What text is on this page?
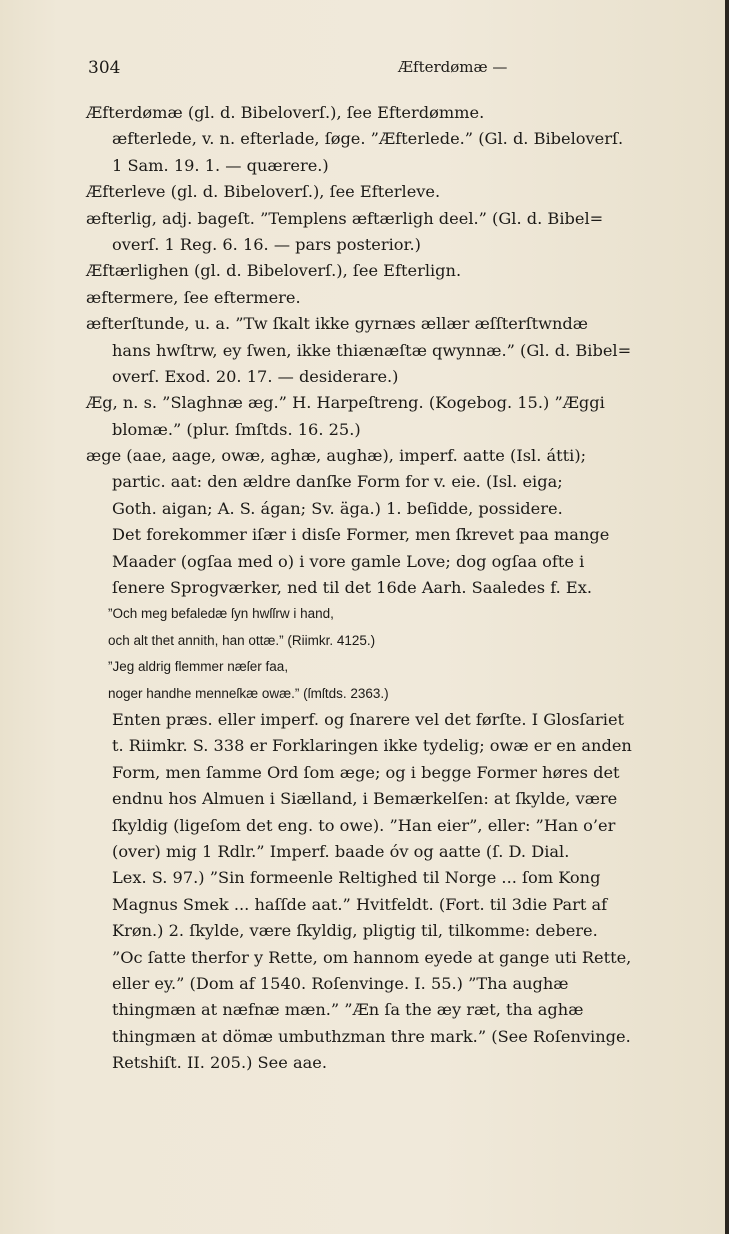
304	Æfterdømæ —
Æfterdømæ (gl. d. Bibeloverſ.), ſee Efterdømme.
æfterlede, v. n. efterlade, ſøge. ”Æfterlede.” (Gl. d. Bibeloverſ.
1 Sam. 19. 1. — quærere.)
Æfterleve (gl. d. Bibeloverſ.), ſee Efterleve.
æfterlig, adj. bageſt. ”Templens æftærligh deel.” (Gl. d. Bibel=
overſ. 1 Reg. 6. 16. — pars posterior.)
Æftærlighen (gl. d. Bibeloverſ.), ſee Efterlign.
æftermere, ſee eftermere.
æfterſtunde, u. a. ”Tw ſkalt ikke gyrnæs ællær æſſterſtwndæ
hans hwſtrw, ey ſwen, ikke thiænæſtæ qwynnæ.” (Gl. d. Bibel=
overſ. Exod. 20. 17. — desiderare.)
Æg, n. s. ”Slaghnæ æg.” H. Harpeſtreng. (Kogebog. 15.) ”Æggi
blomæ.” (plur. ſmſtds. 16. 25.)
æge (aae, aage, owæ, aghæ, aughæ), imperf. aatte (Isl. átti);
partic. aat: den ældre danſke Form for v. eie. (Isl. eiga;
Goth. aigan; A. S. ágan; Sv. äga.) 1. beſidde, possidere.
Det forekommer iſær i disſe Former, men ſkrevet paa mange
Maader (ogſaa med o) i vore gamle Love; dog ogſaa ofte i
ſenere Sprogværker, ned til det 16de Aarh. Saaledes f. Ex.
”Och meg befaledæ ſyn hwſſrw i hand,
och alt thet annith, han ottæ.” (Riimkr. 4125.)
”Jeg aldrig flemmer næſer faa,
noger handhe menneſkæ owæ.” (ſmſtds. 2363.)
Enten præs. eller imperf. og ſnarere vel det førſte. I Glosſariet
t. Riimkr. S. 338 er Forklaringen ikke tydelig; owæ er en anden
Form, men ſamme Ord ſom æge; og i begge Former høres det
endnu hos Almuen i Siælland, i Bemærkelſen: at ſkylde, være
ſkyldig (ligeſom det eng. to owe). ”Han eier”, eller: ”Han o’er
(over) mig 1 Rdlr.” Imperf. baade óv og aatte (ſ. D. Dial.
Lex. S. 97.) ”Sin formeenle Reltighed til Norge ... ſom Kong
Magnus Smek ... haſſde aat.” Hvitfeldt. (Fort. til 3die Part af
Krøn.) 2. ſkylde, være ſkyldig, pligtig til, tilkomme: debere.
”Oc ſatte therfor y Rette, om hannom eyede at gange uti Rette,
eller ey.” (Dom af 1540. Roſenvinge. I. 55.) ”Tha aughæ
thingmæn at næfnæ mæn.” ”Æn ſa the æy ræt, tha aghæ
thingmæn at dömæ umbuthzman thre mark.” (See Roſenvinge.
Retshiſt. II. 205.) See aae.
